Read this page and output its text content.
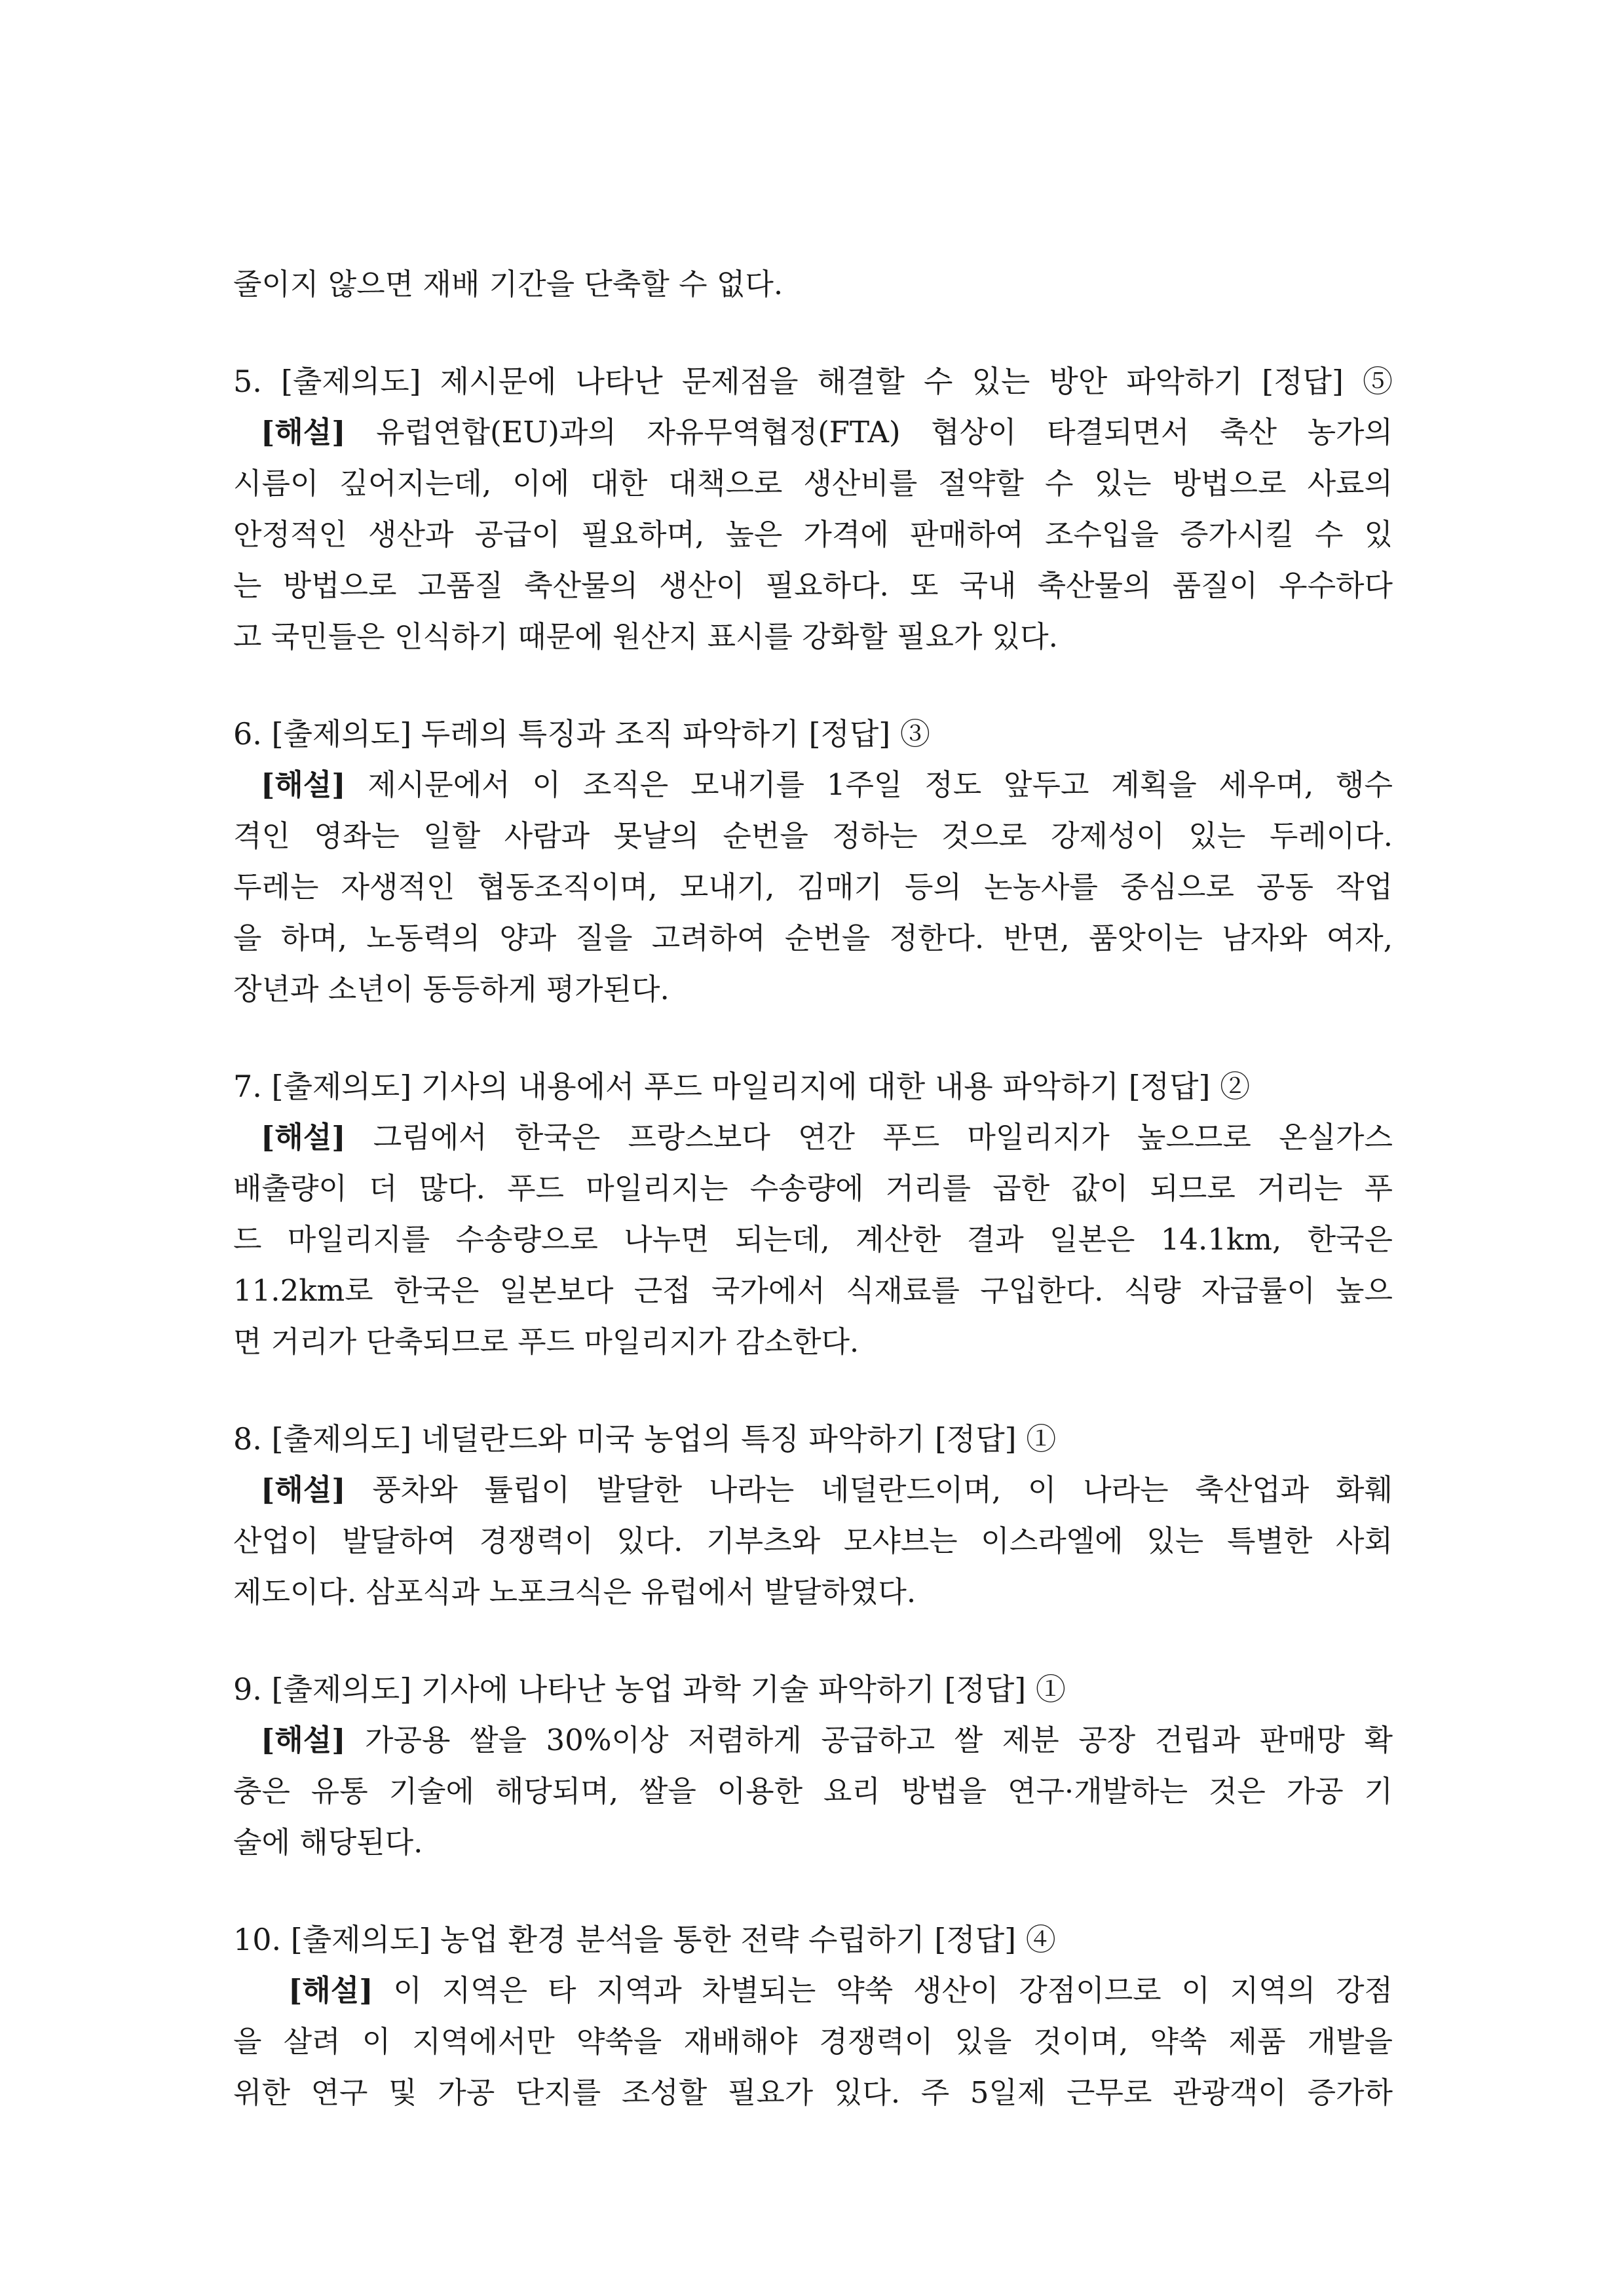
줄이지 않으면 재배 기간을 단축할 수 없다.
5. [출제의도] 제시문에 나타난 문제점을 해결할 수 있는 방안 파악하기 [정답] ⑤
[해설] 유럽연합(EU)과의 자유무역협정(FTA) 협상이 타결되면서 축산 농가의
시름이 깊어지는데, 이에 대한 대책으로 생산비를 절약할 수 있는 방법으로 사료의
안정적인 생산과 공급이 필요하며, 높은 가격에 판매하여 조수입을 증가시킬 수 있
는 방법으로 고품질 축산물의 생산이 필요하다. 또 국내 축산물의 품질이 우수하다
고 국민들은 인식하기 때문에 원산지 표시를 강화할 필요가 있다.
6. [출제의도] 두레의 특징과 조직 파악하기 [정답] ③
[해설] 제시문에서 이 조직은 모내기를 1주일 정도 앞두고 계획을 세우며, 행수
격인 영좌는 일할 사람과 못날의 순번을 정하는 것으로 강제성이 있는 두레이다.
두레는 자생적인 협동조직이며, 모내기, 김매기 등의 논농사를 중심으로 공동 작업
을 하며, 노동력의 양과 질을 고려하여 순번을 정한다. 반면, 품앗이는 남자와 여자,
장년과 소년이 동등하게 평가된다.
7. [출제의도] 기사의 내용에서 푸드 마일리지에 대한 내용 파악하기 [정답] ②
[해설] 그림에서 한국은 프랑스보다 연간 푸드 마일리지가 높으므로 온실가스
배출량이 더 많다. 푸드 마일리지는 수송량에 거리를 곱한 값이 되므로 거리는 푸
드 마일리지를 수송량으로 나누면 되는데, 계산한 결과 일본은 14.1km, 한국은
11.2km로 한국은 일본보다 근접 국가에서 식재료를 구입한다. 식량 자급률이 높으
면 거리가 단축되므로 푸드 마일리지가 감소한다.
8. [출제의도] 네덜란드와 미국 농업의 특징 파악하기 [정답] ①
[해설] 풍차와 튤립이 발달한 나라는 네덜란드이며, 이 나라는 축산업과 화훼
산업이 발달하여 경쟁력이 있다. 기부츠와 모샤브는 이스라엘에 있는 특별한 사회
제도이다. 삼포식과 노포크식은 유럽에서 발달하였다.
9. [출제의도] 기사에 나타난 농업 과학 기술 파악하기 [정답] ①
[해설] 가공용 쌀을 30%이상 저렴하게 공급하고 쌀 제분 공장 건립과 판매망 확
충은 유통 기술에 해당되며, 쌀을 이용한 요리 방법을 연구·개발하는 것은 가공 기
술에 해당된다.
10. [출제의도] 농업 환경 분석을 통한 전략 수립하기 [정답] ④
[해설] 이 지역은 타 지역과 차별되는 약쑥 생산이 강점이므로 이 지역의 강점
을 살려 이 지역에서만 약쑥을 재배해야 경쟁력이 있을 것이며, 약쑥 제품 개발을
위한 연구 및 가공 단지를 조성할 필요가 있다. 주 5일제 근무로 관광객이 증가하
